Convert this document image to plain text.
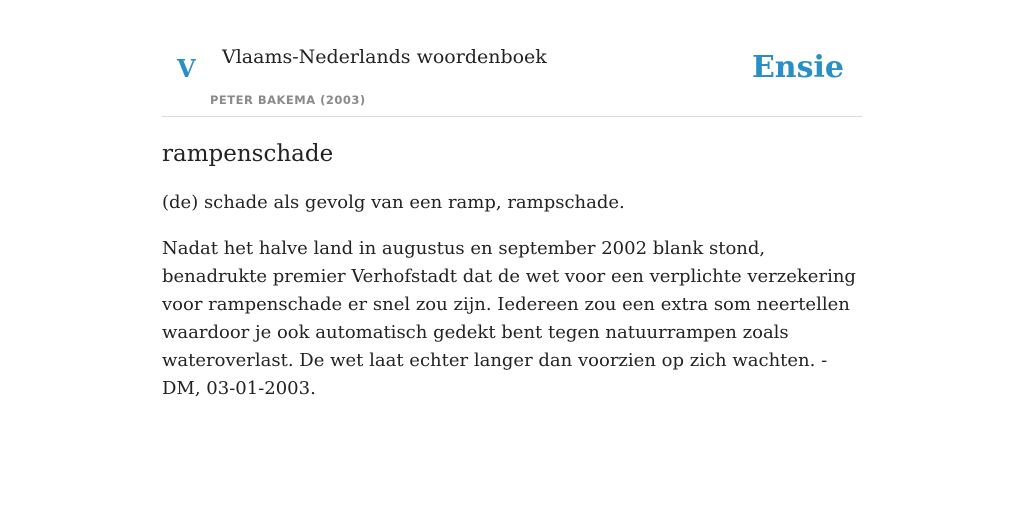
V Vlaams-Nederlands woordenboek
PETER BAKEMA (2003)
Ensie
rampenschade

(de) schade als gevolg van een ramp, rampschade.

Nadat het halve land in augustus en september 2002 blank stond, benadrukte premier Verhofstadt dat de wet voor een verplichte verzekering voor rampenschade er snel zou zijn. Iedereen zou een extra som neertellen waardoor je ook automatisch gedekt bent tegen natuurrampen zoals wateroverlast. De wet laat echter langer dan voorzien op zich wachten. - DM, 03-01-2003.
